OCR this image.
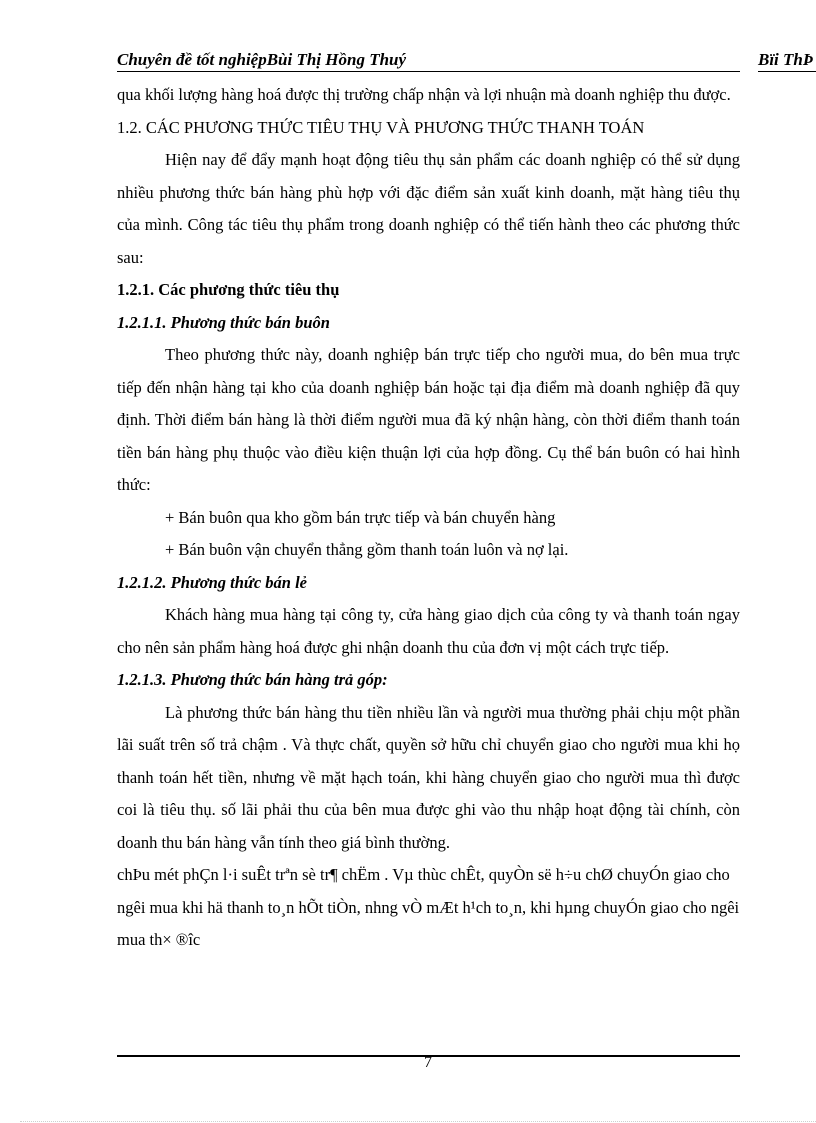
Chuyên đề tốt nghiệpBùi Thị Hồng Thuý	Bïi ThÞ

qua khối lượng hàng hoá được thị trường chấp nhận và lợi nhuận mà doanh nghiệp thu được.

1.2. CÁC PHƯƠNG THỨC TIÊU THỤ VÀ PHƯƠNG THỨC THANH TOÁN

Hiện nay để đẩy mạnh hoạt động tiêu thụ sản phẩm các doanh nghiệp có thể sử dụng nhiều phương thức bán hàng phù hợp với đặc điểm sản xuất kinh doanh, mặt hàng tiêu thụ của mình. Công tác tiêu thụ phẩm trong doanh nghiệp có thể tiến hành theo các phương thức sau:

1.2.1. Các phương thức tiêu thụ

1.2.1.1. Phương thức bán buôn

Theo phương thức này, doanh nghiệp bán trực tiếp cho người mua, do bên mua trực tiếp đến nhận hàng tại kho của doanh nghiệp bán hoặc tại địa điểm mà doanh nghiệp đã quy định. Thời điểm bán hàng là thời điểm người mua đã ký nhận hàng, còn thời điểm thanh toán tiền bán hàng phụ thuộc vào điều kiện thuận lợi của hợp đồng. Cụ thể bán buôn có hai hình thức:

+ Bán buôn qua kho gồm bán trực tiếp và bán chuyển hàng

+ Bán buôn vận chuyển thẳng gồm thanh toán luôn và nợ lại.

1.2.1.2. Phương thức bán lẻ

Khách hàng mua hàng tại công ty, cửa hàng giao dịch của công ty và thanh toán ngay cho nên sản phẩm hàng hoá được ghi nhận doanh thu của đơn vị một cách trực tiếp.

1.2.1.3. Phương thức bán hàng trả góp:

Là phương thức bán hàng thu tiền nhiều lần và người mua thường phải chịu một phần lãi suất trên số trả chậm . Và thực chất, quyền sở hữu chỉ chuyển giao cho người mua khi họ thanh toán hết tiền, nhưng về mặt hạch toán, khi hàng chuyển giao cho người mua thì được coi là tiêu thụ. số lãi phải thu của bên mua được ghi vào thu nhập hoạt động tài chính, còn doanh thu bán hàng vẫn tính theo giá bình thường.

chÞu mét phÇn l·i suÊt trªn sè tr¶ chËm . Vµ thùc chÊt, quyÒn së h÷u chØ chuyÓn giao cho ngêi mua khi hä thanh to¸n hÕt tiÒn, nhng vÒ mÆt h¹ch to¸n, khi hµng chuyÓn giao cho ngêi mua th× ®îc

7
